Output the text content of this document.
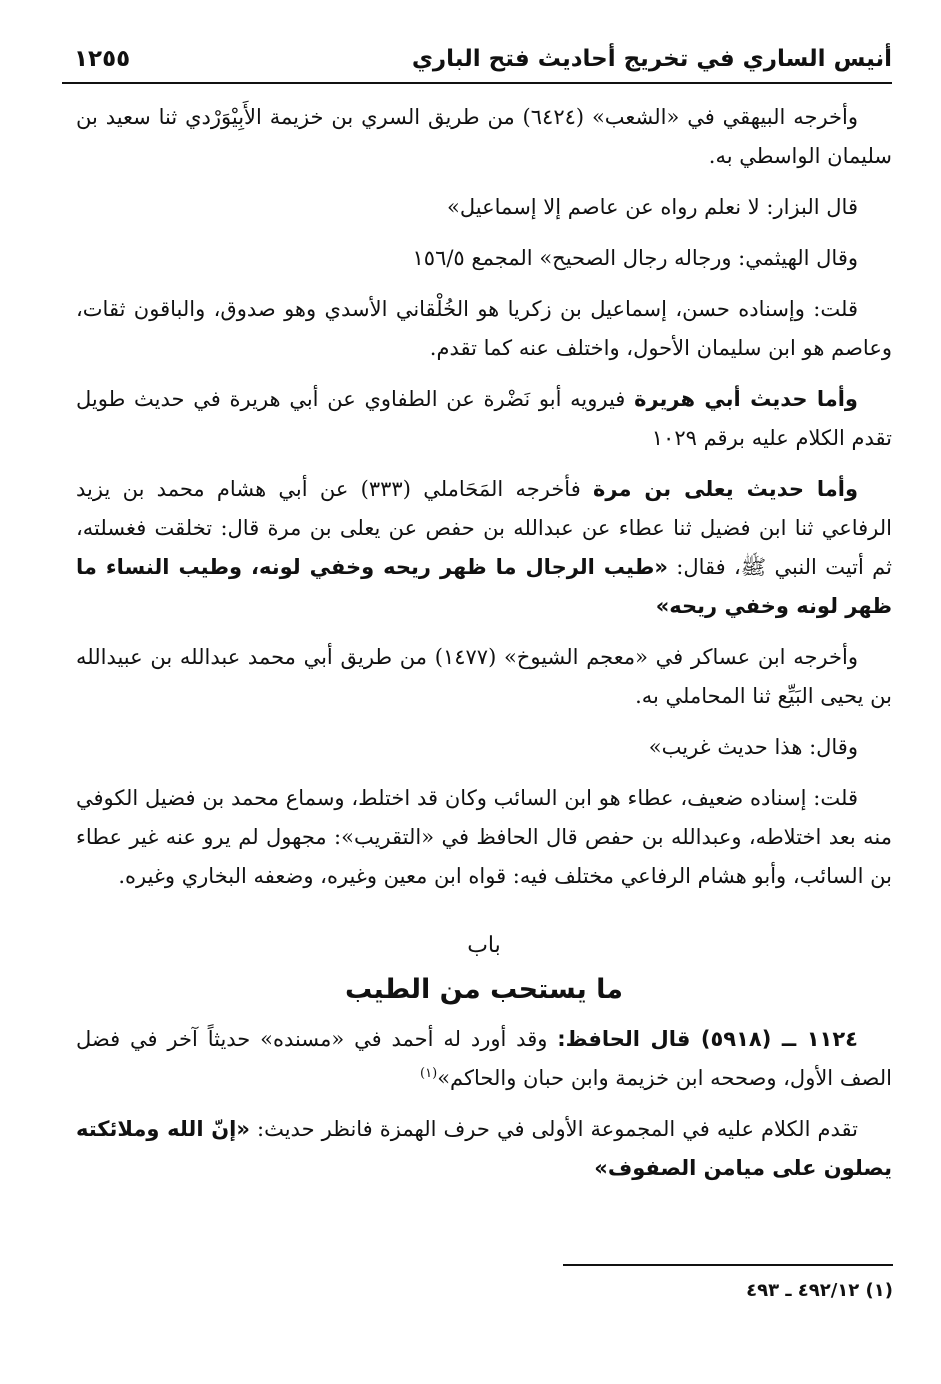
أنيس الساري في تخريج أحاديث فتح الباري
١٢٥٥

وأخرجه البيهقي في «الشعب» (٦٤٢٤) من طريق السري بن خزيمة الأَبِيْوَرْدي ثنا سعيد بن سليمان الواسطي به.

قال البزار: لا نعلم رواه عن عاصم إلا إسماعيل»

وقال الهيثمي: ورجاله رجال الصحيح» المجمع ١٥٦/٥

قلت: وإسناده حسن، إسماعيل بن زكريا هو الخُلْقاني الأسدي وهو صدوق، والباقون ثقات، وعاصم هو ابن سليمان الأحول، واختلف عنه كما تقدم.

وأما حديث أبي هريرة فيرويه أبو نَضْرة عن الطفاوي عن أبي هريرة في حديث طويل تقدم الكلام عليه برقم ١٠٢٩

وأما حديث يعلى بن مرة فأخرجه المَحَاملي (٣٣٣) عن أبي هشام محمد بن يزيد الرفاعي ثنا ابن فضيل ثنا عطاء عن عبدالله بن حفص عن يعلى بن مرة قال: تخلقت فغسلته، ثم أتيت النبي ﷺ، فقال: «طيب الرجال ما ظهر ريحه وخفي لونه، وطيب النساء ما ظهر لونه وخفي ريحه»

وأخرجه ابن عساكر في «معجم الشيوخ» (١٤٧٧) من طريق أبي محمد عبدالله بن عبيدالله بن يحيى البَيِّع ثنا المحاملي به.

وقال: هذا حديث غريب»

قلت: إسناده ضعيف، عطاء هو ابن السائب وكان قد اختلط، وسماع محمد بن فضيل الكوفي منه بعد اختلاطه، وعبدالله بن حفص قال الحافظ في «التقريب»: مجهول لم يرو عنه غير عطاء بن السائب، وأبو هشام الرفاعي مختلف فيه: قواه ابن معين وغيره، وضعفه البخاري وغيره.

باب
ما يستحب من الطيب

١١٢٤ ــ (٥٩١٨) قال الحافظ: وقد أورد له أحمد في «مسنده» حديثاً آخر في فضل الصف الأول، وصححه ابن خزيمة وابن حبان والحاكم»$^{(١)}$

تقدم الكلام عليه في المجموعة الأولى في حرف الهمزة فانظر حديث: «إنّ الله وملائكته يصلون على ميامن الصفوف»

(١) ٤٩٢/١٢ ـ ٤٩٣
